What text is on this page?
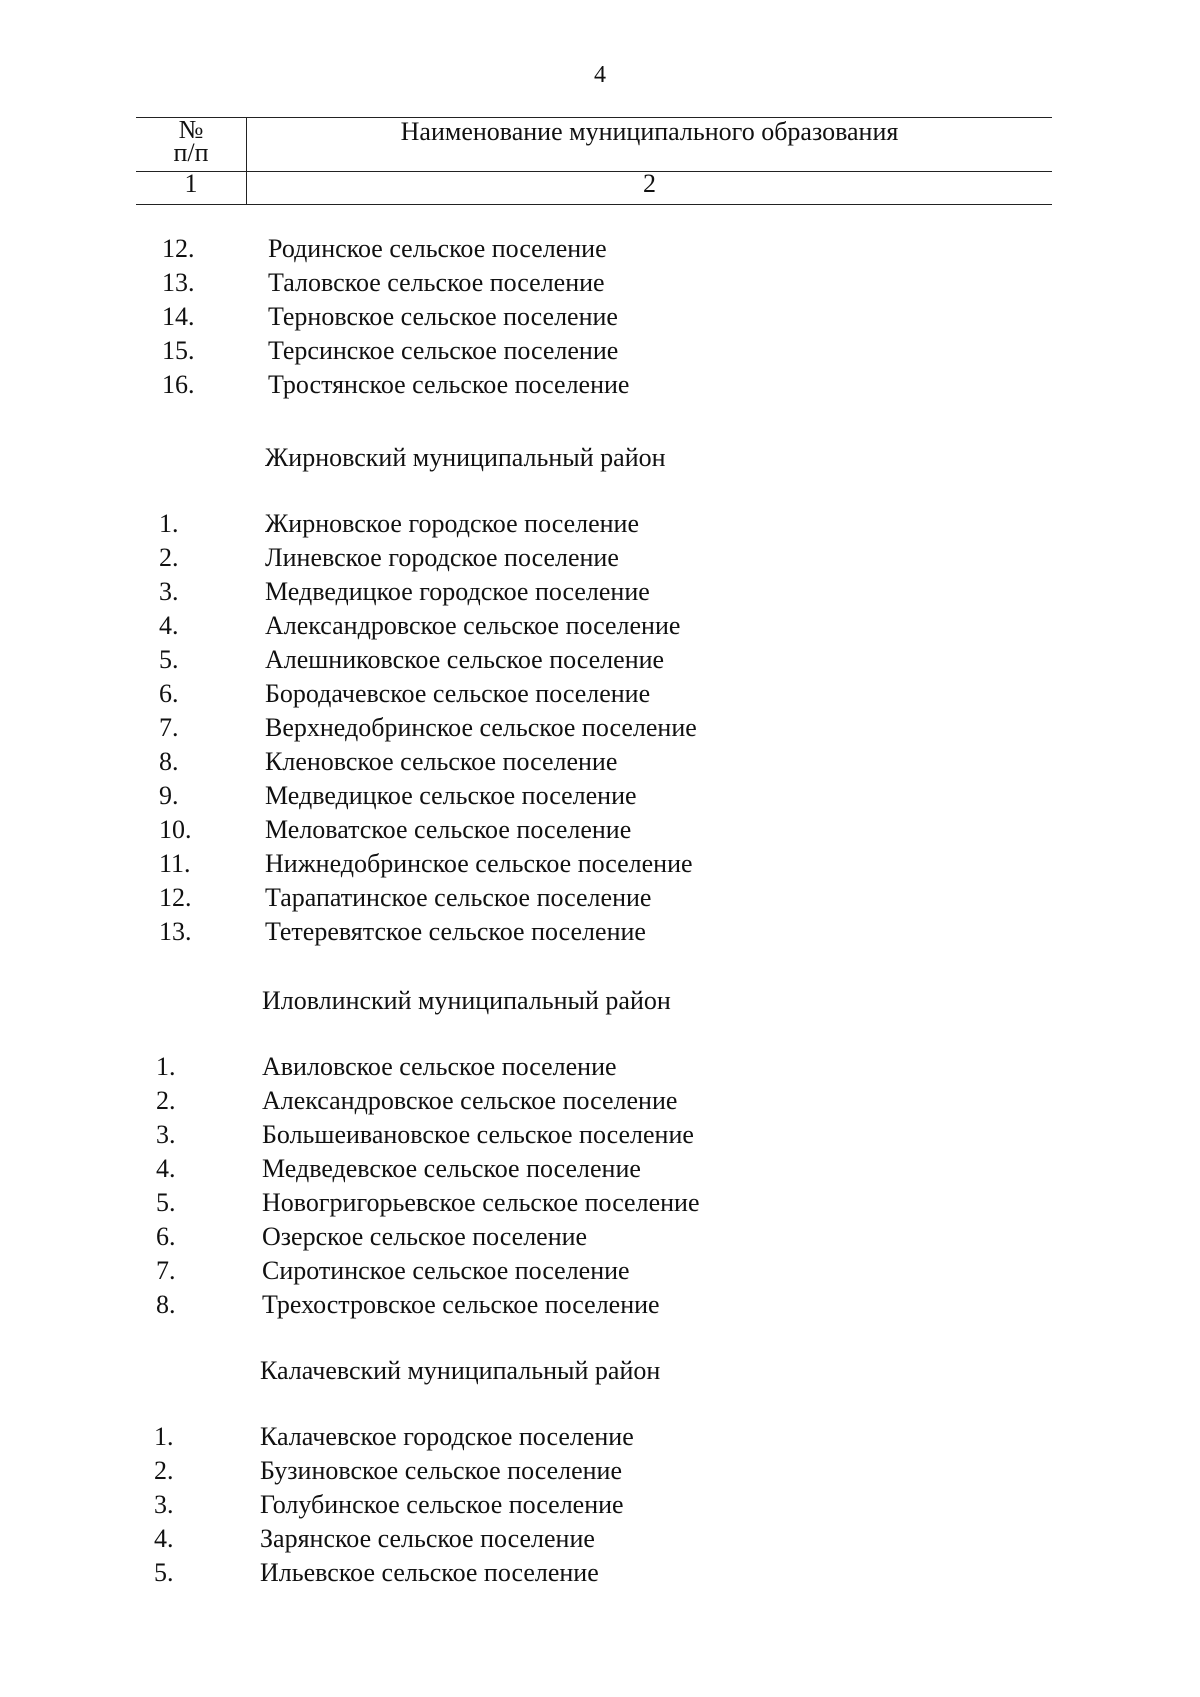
4
№
п/п	Наименование муниципального образования
1	2
12.	Родинское сельское поселение
13.	Таловское сельское поселение
14.	Терновское сельское поселение
15.	Терсинское сельское поселение
16.	Тростянское сельское поселение
Жирновский муниципальный район
1.	Жирновское городское поселение
2.	Линевское городское поселение
3.	Медведицкое городское поселение
4.	Александровское сельское поселение
5.	Алешниковское сельское поселение
6.	Бородачевское сельское поселение
7.	Верхнедобринское сельское поселение
8.	Кленовское сельское поселение
9.	Медведицкое сельское поселение
10.	Меловатское сельское поселение
11.	Нижнедобринское сельское поселение
12.	Тарапатинское сельское поселение
13.	Тетеревятское сельское поселение
Иловлинский муниципальный район
1.	Авиловское сельское поселение
2.	Александровское сельское поселение
3.	Большеивановское сельское поселение
4.	Медведевское сельское поселение
5.	Новогригорьевское сельское поселение
6.	Озерское сельское поселение
7.	Сиротинское сельское поселение
8.	Трехостровское сельское поселение
Калачевский муниципальный район
1.	Калачевское городское поселение
2.	Бузиновское сельское поселение
3.	Голубинское сельское поселение
4.	Зарянское сельское поселение
5.	Ильевское сельское поселение
